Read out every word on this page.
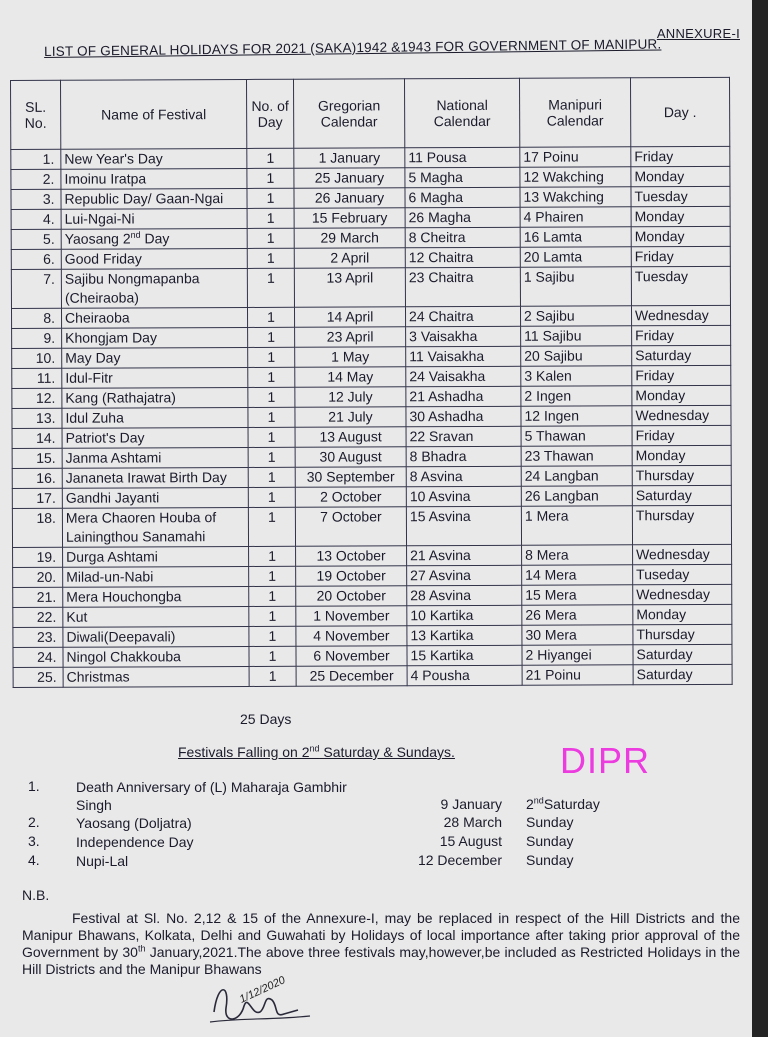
ANNEXURE-I
LIST OF GENERAL HOLIDAYS FOR 2021 (SAKA)1942 &1943 FOR GOVERNMENT OF MANIPUR.
SL. No.	Name of Festival	No. of Day	Gregorian Calendar	National Calendar	Manipuri Calendar	Day .
1.	New Year's Day	1	1 January	11 Pousa	17 Poinu	Friday
2.	Imoinu Iratpa	1	25 January	5 Magha	12 Wakching	Monday
3.	Republic Day/ Gaan-Ngai	1	26 January	6 Magha	13 Wakching	Tuesday
4.	Lui-Ngai-Ni	1	15 February	26 Magha	4 Phairen	Monday
5.	Yaosang 2nd Day	1	29 March	8 Cheitra	16 Lamta	Monday
6.	Good Friday	1	2 April	12 Chaitra	20 Lamta	Friday
7.	Sajibu Nongmapanba (Cheiraoba)	1	13 April	23 Chaitra	1 Sajibu	Tuesday
8.	Cheiraoba	1	14 April	24 Chaitra	2 Sajibu	Wednesday
9.	Khongjam Day	1	23 April	3 Vaisakha	11 Sajibu	Friday
10.	May Day	1	1 May	11 Vaisakha	20 Sajibu	Saturday
11.	Idul-Fitr	1	14 May	24 Vaisakha	3 Kalen	Friday
12.	Kang (Rathajatra)	1	12 July	21 Ashadha	2 Ingen	Monday
13.	Idul Zuha	1	21 July	30 Ashadha	12 Ingen	Wednesday
14.	Patriot's Day	1	13 August	22 Sravan	5 Thawan	Friday
15.	Janma Ashtami	1	30 August	8 Bhadra	23 Thawan	Monday
16.	Jananeta Irawat Birth Day	1	30 September	8 Asvina	24 Langban	Thursday
17.	Gandhi Jayanti	1	2 October	10 Asvina	26 Langban	Saturday
18.	Mera Chaoren Houba of Lainingthou Sanamahi	1	7 October	15 Asvina	1 Mera	Thursday
19.	Durga Ashtami	1	13 October	21 Asvina	8 Mera	Wednesday
20.	Milad-un-Nabi	1	19 October	27 Asvina	14 Mera	Tuseday
21.	Mera Houchongba	1	20 October	28 Asvina	15 Mera	Wednesday
22.	Kut	1	1 November	10 Kartika	26 Mera	Monday
23.	Diwali(Deepavali)	1	4 November	13 Kartika	30 Mera	Thursday
24.	Ningol Chakkouba	1	6 November	15 Kartika	2 Hiyangei	Saturday
25.	Christmas	1	25 December	4 Pousha	21 Poinu	Saturday
25 Days
Festivals Falling on 2nd Saturday & Sundays.	DIPR
1.	Death Anniversary of (L) Maharaja Gambhir Singh	9 January 2ndSaturday
2.	Yaosang (Doljatra)	28 March Sunday
3.	Independence Day	15 August Sunday
4.	Nupi-Lal	12 December Sunday
N.B.
Festival at Sl. No. 2,12 & 15 of the Annexure-I, may be replaced in respect of the Hill Districts and the Manipur Bhawans, Kolkata, Delhi and Guwahati by Holidays of local importance after taking prior approval of the Government by 30th January,2021.The above three festivals may,however,be included as Restricted Holidays in the Hill Districts and the Manipur Bhawans
1/12/2020
